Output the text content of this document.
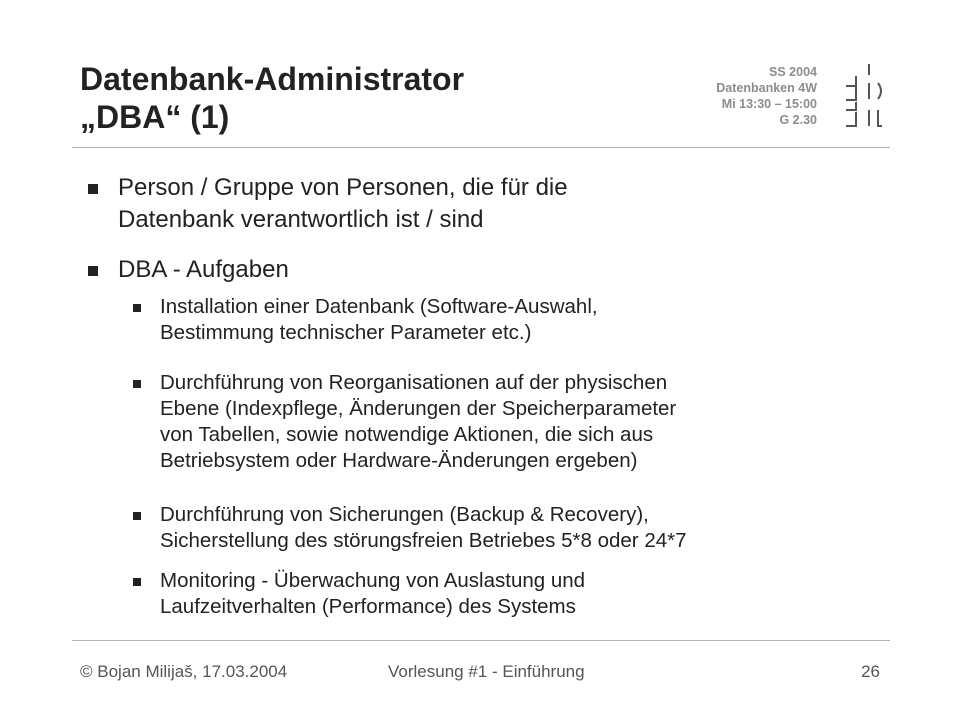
Datenbank-Administrator
„DBA“ (1)
SS 2004
Datenbanken 4W
Mi 13:30 – 15:00
G 2.30
Person / Gruppe von Personen, die für die
Datenbank verantwortlich ist / sind
DBA - Aufgaben
Installation einer Datenbank (Software-Auswahl,
Bestimmung technischer Parameter etc.)
Durchführung von Reorganisationen auf der physischen
Ebene (Indexpflege, Änderungen der Speicherparameter
von Tabellen, sowie notwendige Aktionen, die sich aus
Betriebsystem oder Hardware-Änderungen ergeben)
Durchführung von Sicherungen (Backup & Recovery),
Sicherstellung des störungsfreien Betriebes 5*8 oder 24*7
Monitoring - Überwachung von Auslastung und
Laufzeitverhalten (Performance) des Systems
© Bojan Milijaš, 17.03.2004	Vorlesung #1 - Einführung	26
